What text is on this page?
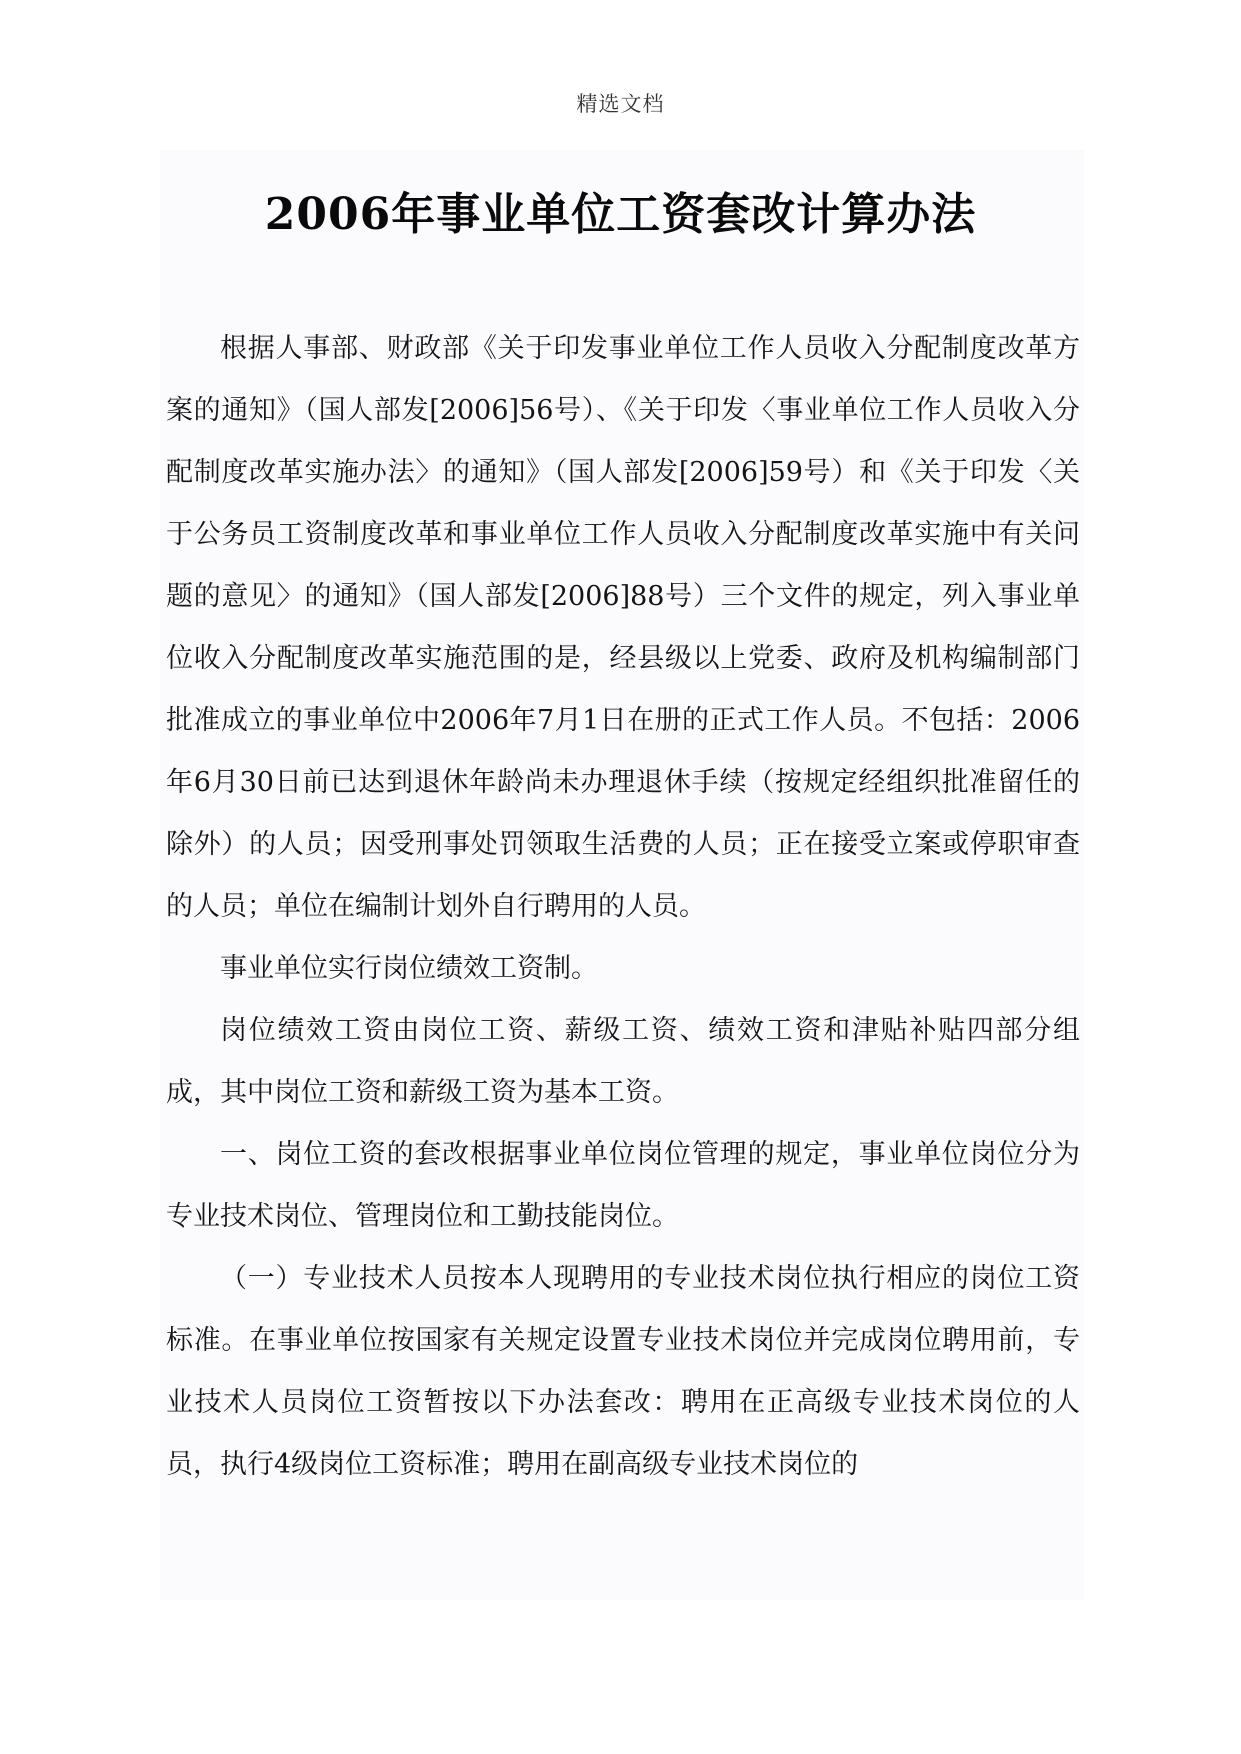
精选文档
2006年事业单位工资套改计算办法

根据人事部、财政部《关于印发事业单位工作人员收入分配制度改革方案的通知》（国人部发[2006]56号）、《关于印发〈事业单位工作人员收入分配制度改革实施办法〉的通知》（国人部发[2006]59号）和《关于印发〈关于公务员工资制度改革和事业单位工作人员收入分配制度改革实施中有关问题的意见〉的通知》（国人部发[2006]88号）三个文件的规定，列入事业单位收入分配制度改革实施范围的是，经县级以上党委、政府及机构编制部门批准成立的事业单位中2006年7月1日在册的正式工作人员。不包括：2006年6月30日前已达到退休年龄尚未办理退休手续（按规定经组织批准留任的除外）的人员；因受刑事处罚领取生活费的人员；正在接受立案或停职审查的人员；单位在编制计划外自行聘用的人员。

事业单位实行岗位绩效工资制。

岗位绩效工资由岗位工资、薪级工资、绩效工资和津贴补贴四部分组成，其中岗位工资和薪级工资为基本工资。

一、岗位工资的套改根据事业单位岗位管理的规定，事业单位岗位分为专业技术岗位、管理岗位和工勤技能岗位。

（一）专业技术人员按本人现聘用的专业技术岗位执行相应的岗位工资标准。在事业单位按国家有关规定设置专业技术岗位并完成岗位聘用前，专业技术人员岗位工资暂按以下办法套改：聘用在正高级专业技术岗位的人员，执行4级岗位工资标准；聘用在副高级专业技术岗位的
